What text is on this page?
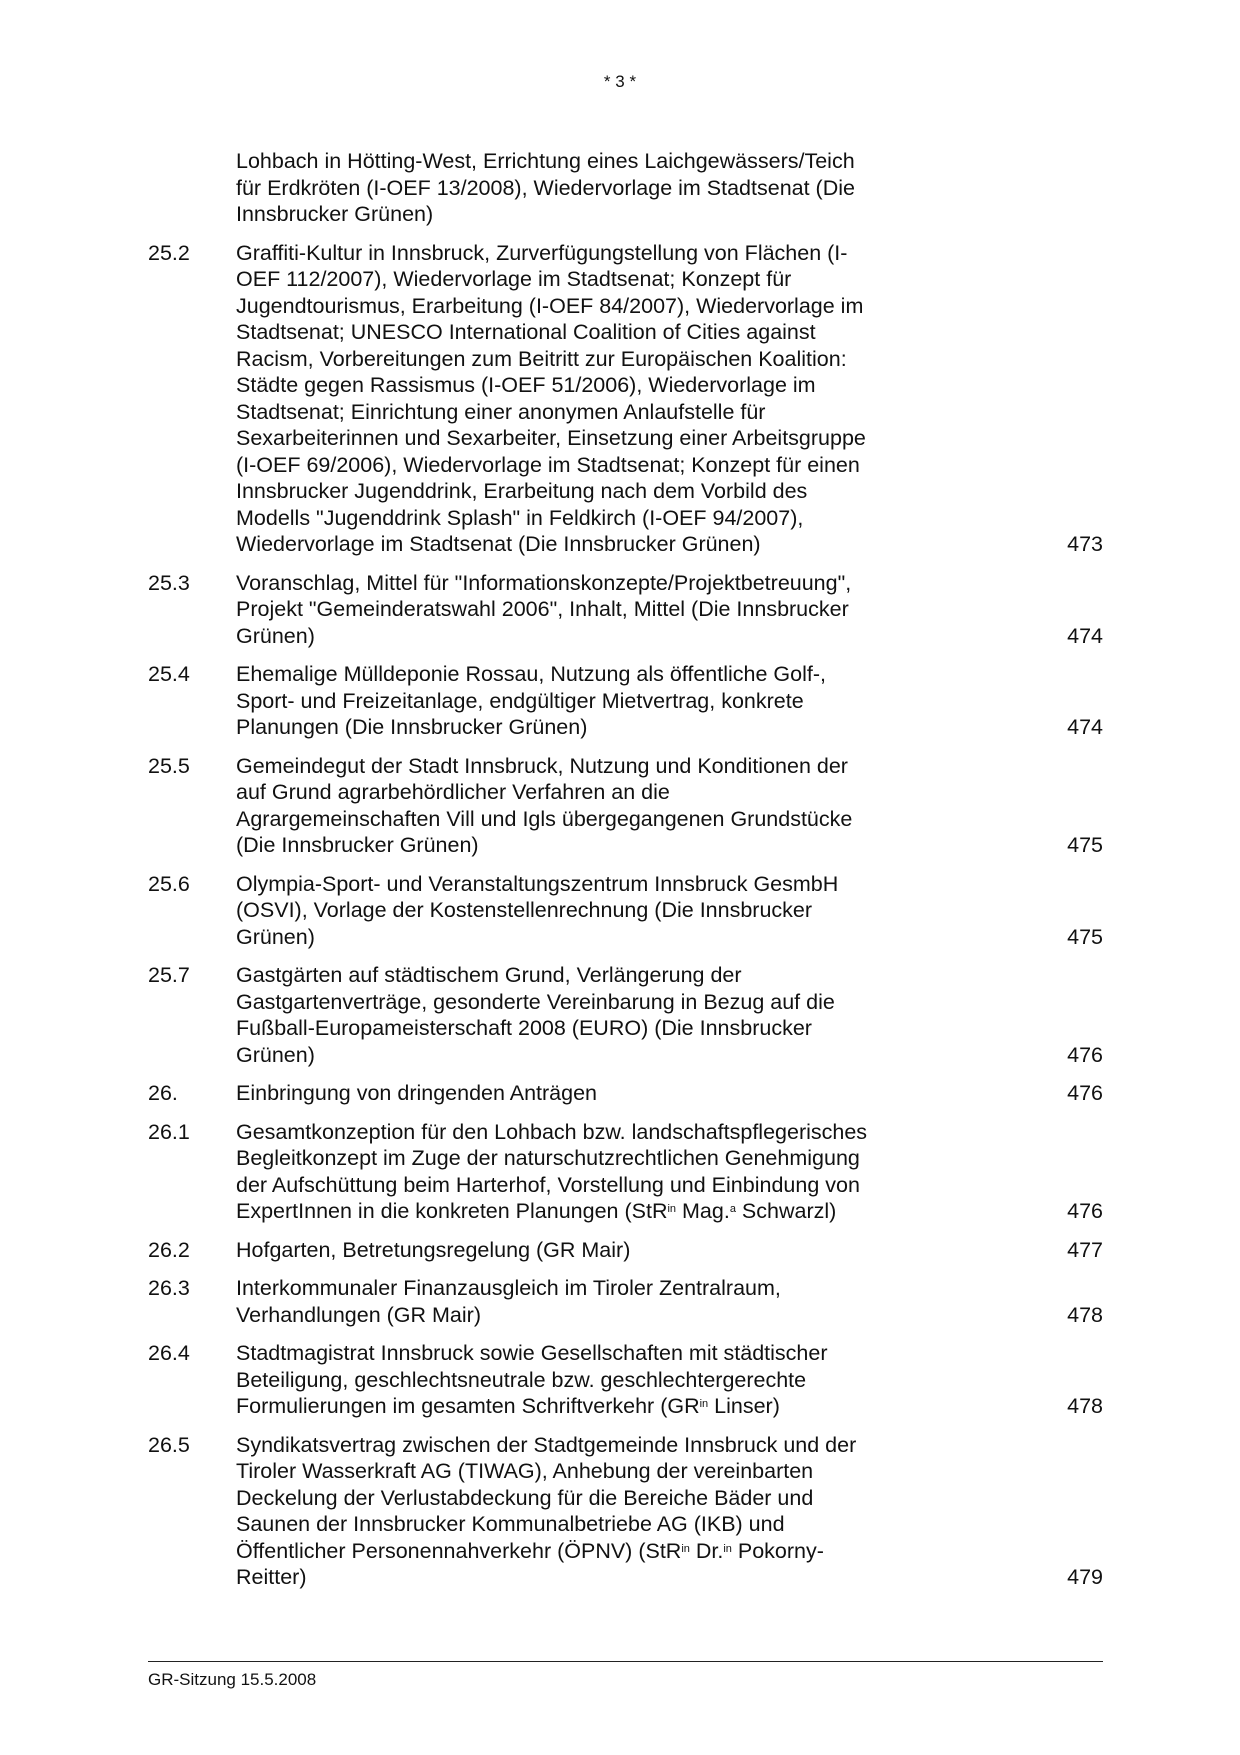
* 3 *
Lohbach in Hötting-West, Errichtung eines Laichgewässers/Teich
für Erdkröten (I-OEF 13/2008), Wiedervorlage im Stadtsenat (Die
Innsbrucker Grünen)
25.2	Graffiti-Kultur in Innsbruck, Zurverfügungstellung von Flächen (I-
OEF 112/2007), Wiedervorlage im Stadtsenat; Konzept für
Jugendtourismus, Erarbeitung (I-OEF 84/2007), Wiedervorlage im
Stadtsenat; UNESCO International Coalition of Cities against
Racism, Vorbereitungen zum Beitritt zur Europäischen Koalition:
Städte gegen Rassismus (I-OEF 51/2006), Wiedervorlage im
Stadtsenat; Einrichtung einer anonymen Anlaufstelle für
Sexarbeiterinnen und Sexarbeiter, Einsetzung einer Arbeitsgruppe
(I-OEF 69/2006), Wiedervorlage im Stadtsenat; Konzept für einen
Innsbrucker Jugenddrink, Erarbeitung nach dem Vorbild des
Modells "Jugenddrink Splash" in Feldkirch (I-OEF 94/2007),
Wiedervorlage im Stadtsenat (Die Innsbrucker Grünen)	473
25.3	Voranschlag, Mittel für "Informationskonzepte/Projektbetreuung",
Projekt "Gemeinderatswahl 2006", Inhalt, Mittel (Die Innsbrucker
Grünen)	474
25.4	Ehemalige Mülldeponie Rossau, Nutzung als öffentliche Golf-,
Sport- und Freizeitanlage, endgültiger Mietvertrag, konkrete
Planungen (Die Innsbrucker Grünen)	474
25.5	Gemeindegut der Stadt Innsbruck, Nutzung und Konditionen der
auf Grund agrarbehördlicher Verfahren an die
Agrargemeinschaften Vill und Igls übergegangenen Grundstücke
(Die Innsbrucker Grünen)	475
25.6	Olympia-Sport- und Veranstaltungszentrum Innsbruck GesmbH
(OSVI), Vorlage der Kostenstellenrechnung (Die Innsbrucker
Grünen)	475
25.7	Gastgärten auf städtischem Grund, Verlängerung der
Gastgartenverträge, gesonderte Vereinbarung in Bezug auf die
Fußball-Europameisterschaft 2008 (EURO) (Die Innsbrucker
Grünen)	476
26.	Einbringung von dringenden Anträgen	476
26.1	Gesamtkonzeption für den Lohbach bzw. landschaftspflegerisches
Begleitkonzept im Zuge der naturschutzrechtlichen Genehmigung
der Aufschüttung beim Harterhof, Vorstellung und Einbindung von
ExpertInnen in die konkreten Planungen (StR$^{in}$ Mag.$^a$ Schwarzl)	476
26.2	Hofgarten, Betretungsregelung (GR Mair)	477
26.3	Interkommunaler Finanzausgleich im Tiroler Zentralraum,
Verhandlungen (GR Mair)	478
26.4	Stadtmagistrat Innsbruck sowie Gesellschaften mit städtischer
Beteiligung, geschlechtsneutrale bzw. geschlechtergerechte
Formulierungen im gesamten Schriftverkehr ($GR^{in}$ Linser)	478
26.5	Syndikatsvertrag zwischen der Stadtgemeinde Innsbruck und der
Tiroler Wasserkraft AG (TIWAG), Anhebung der vereinbarten
Deckelung der Verlustabdeckung für die Bereiche Bäder und
Saunen der Innsbrucker Kommunalbetriebe AG (IKB) und
Öffentlicher Personennahverkehr (ÖPNV) (StR$^{in}$ Dr.$^{in}$ Pokorny-
Reitter)	479
GR-Sitzung 15.5.2008
